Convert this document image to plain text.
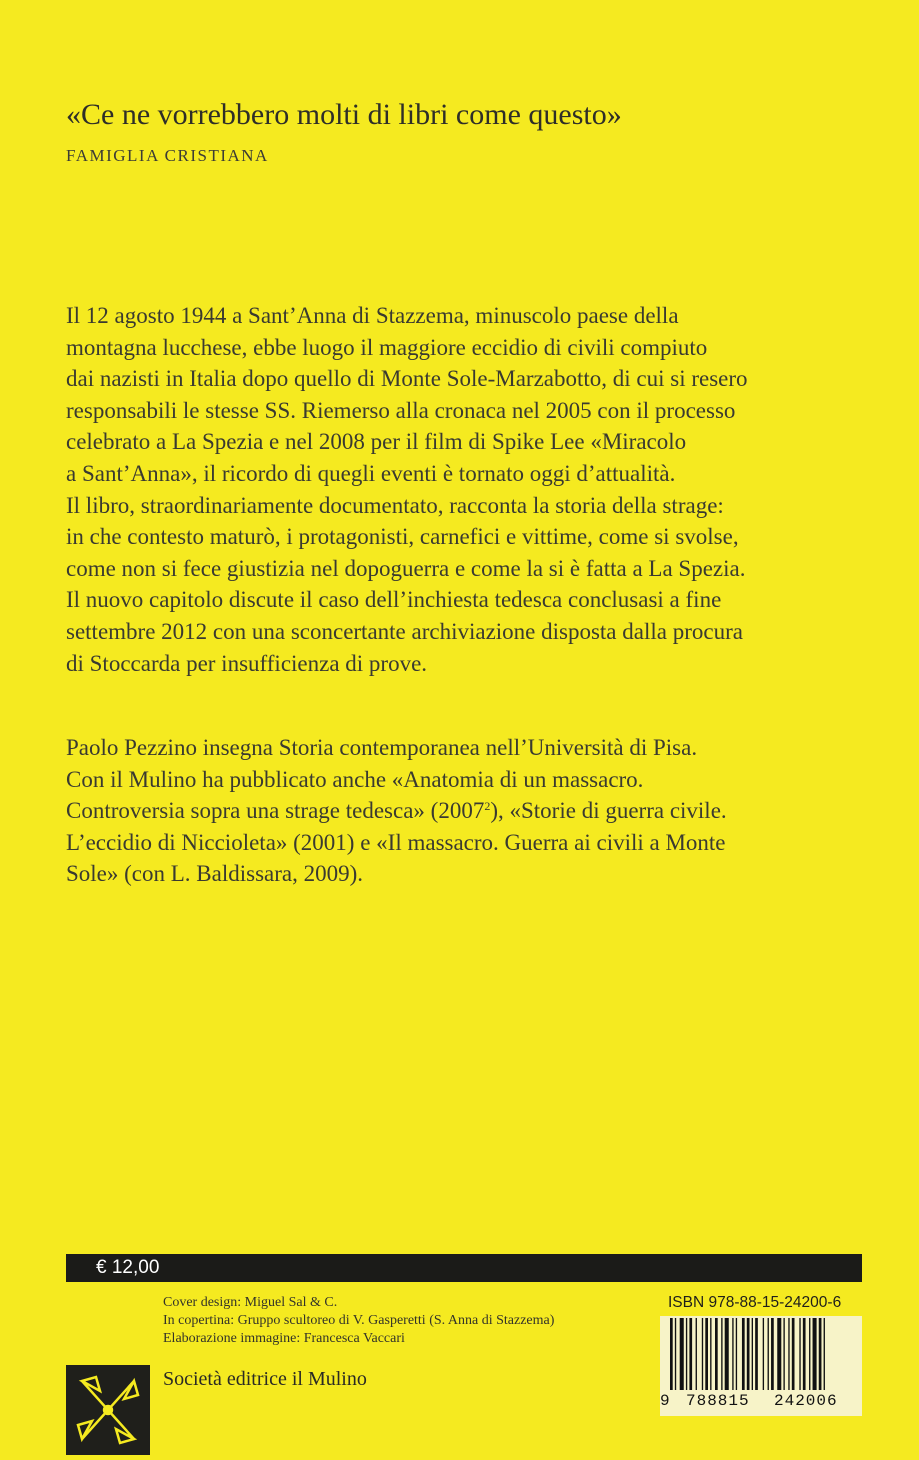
«Ce ne vorrebbero molti di libri come questo»
FAMIGLIA CRISTIANA
Il 12 agosto 1944 a Sant’Anna di Stazzema, minuscolo paese della
montagna lucchese, ebbe luogo il maggiore eccidio di civili compiuto
dai nazisti in Italia dopo quello di Monte Sole-Marzabotto, di cui si resero
responsabili le stesse SS. Riemerso alla cronaca nel 2005 con il processo
celebrato a La Spezia e nel 2008 per il film di Spike Lee «Miracolo
a Sant’Anna», il ricordo di quegli eventi è tornato oggi d’attualità.
Il libro, straordinariamente documentato, racconta la storia della strage:
in che contesto maturò, i protagonisti, carnefici e vittime, come si svolse,
come non si fece giustizia nel dopoguerra e come la si è fatta a La Spezia.
Il nuovo capitolo discute il caso dell’inchiesta tedesca conclusasi a fine
settembre 2012 con una sconcertante archiviazione disposta dalla procura
di Stoccarda per insufficienza di prove.
Paolo Pezzino insegna Storia contemporanea nell’Università di Pisa.
Con il Mulino ha pubblicato anche «Anatomia di un massacro.
Controversia sopra una strage tedesca» (2007$^2$), «Storie di guerra civile.
L’eccidio di Niccioleta» (2001) e «Il massacro. Guerra ai civili a Monte
Sole» (con L. Baldissara, 2009).
€ 12,00
Cover design: Miguel Sal & C.
In copertina: Gruppo scultoreo di V. Gasperetti (S. Anna di Stazzema)
Elaborazione immagine: Francesca Vaccari
Società editrice il Mulino
ISBN 978-88-15-24200-6
9 788815 242006
